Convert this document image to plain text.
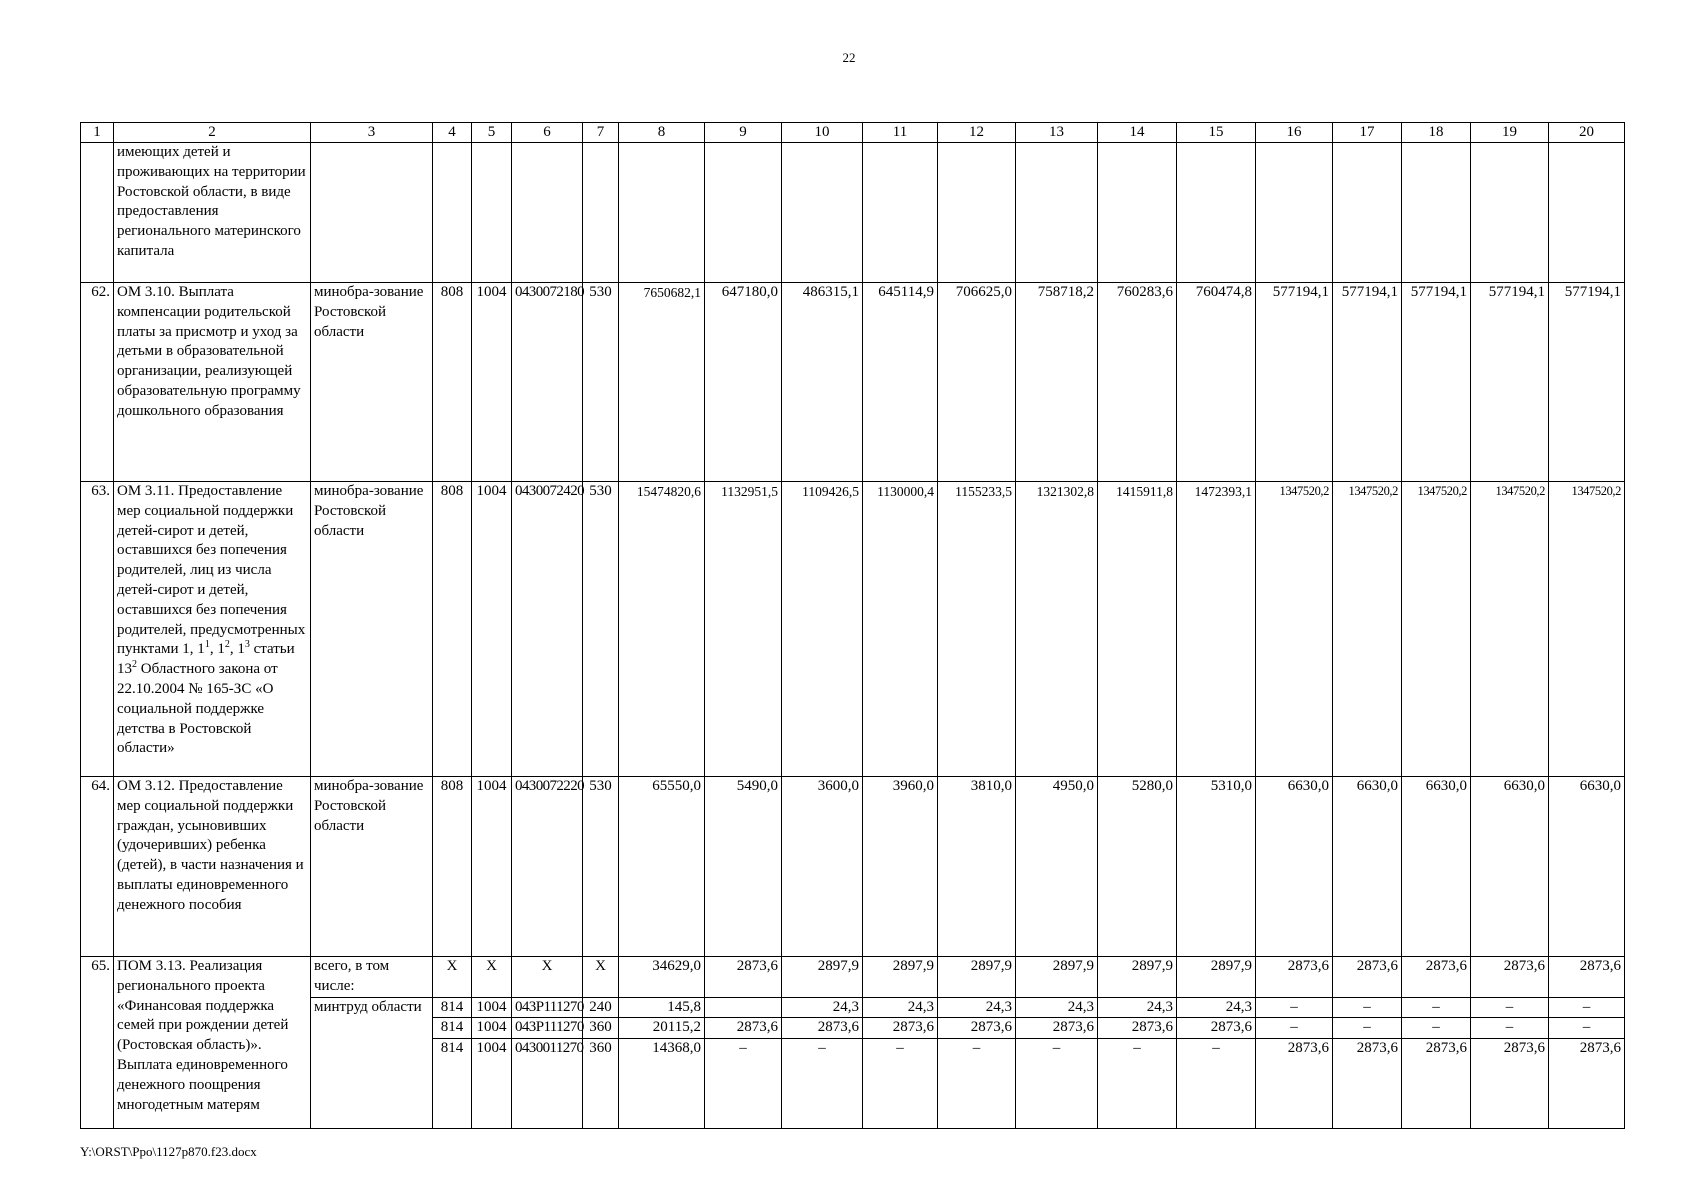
22
1	2	3	4	5	6	7	8	9	10	11	12	13	14	15	16	17	18	19	20
	имеющих детей и проживающих на территории Ростовской области, в виде предоставления регионального материнского капитала																		
62.	ОМ 3.10. Выплата компенсации родительской платы за присмотр и уход за детьми в образовательной организации, реализующей образовательную программу дошкольного образования	минобра-зование Ростовской области	808	1004	0430072180	530	7650682,1	647180,0	486315,1	645114,9	706625,0	758718,2	760283,6	760474,8	577194,1	577194,1	577194,1	577194,1	577194,1
63.	ОМ 3.11. Предоставление мер социальной поддержки детей-сирот и детей, оставшихся без попечения родителей, лиц из числа детей-сирот и детей, оставшихся без попечения родителей, предусмотренных пунктами 1, $1^1$, $1^2$, $1^3$ статьи $13^2$ Областного закона от 22.10.2004 № 165-ЗС «О социальной поддержке детства в Ростовской области»	минобра-зование Ростовской области	808	1004	0430072420	530	15474820,6	1132951,5	1109426,5	1130000,4	1155233,5	1321302,8	1415911,8	1472393,1	1347520,2	1347520,2	1347520,2	1347520,2	1347520,2
64.	ОМ 3.12. Предоставление мер социальной поддержки граждан, усыновивших (удочеривших) ребенка (детей), в части назначения и выплаты единовременного денежного пособия	минобра-зование Ростовской области	808	1004	0430072220	530	65550,0	5490,0	3600,0	3960,0	3810,0	4950,0	5280,0	5310,0	6630,0	6630,0	6630,0	6630,0	6630,0
65.	ПОМ 3.13. Реализация регионального проекта «Финансовая поддержка семей при рождении детей (Ростовская область)». Выплата единовременного денежного поощрения многодетным матерям	всего, в том числе:	Х	Х	Х	Х	34629,0	2873,6	2897,9	2897,9	2897,9	2897,9	2897,9	2897,9	2873,6	2873,6	2873,6	2873,6	2873,6
		минтруд области	814	1004	043P111270	240	145,8		24,3	24,3	24,3	24,3	24,3	24,3	–	–	–	–	–
			814	1004	043P111270	360	20115,2	2873,6	2873,6	2873,6	2873,6	2873,6	2873,6	2873,6	–	–	–	–	–
			814	1004	0430011270	360	14368,0	–	–	–	–	–	–	–	2873,6	2873,6	2873,6	2873,6	2873,6
Y:\ORST\Ppo\1127p870.f23.docx
